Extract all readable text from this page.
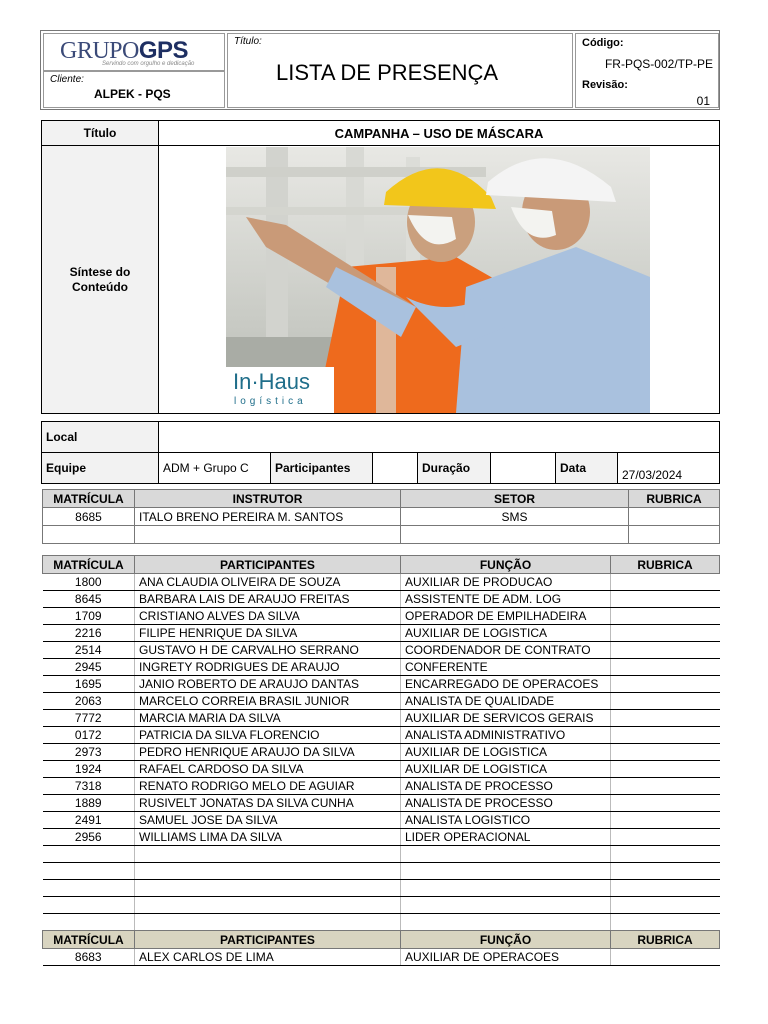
GRUPOGPS
Servindo com orgulho e dedicação
Cliente:
ALPEK - PQS
Título:
LISTA DE PRESENÇA
Código:
FR-PQS-002/TP-PE
Revisão:
01
Título	CAMPANHA – USO DE MÁSCARA
Síntese do Conteúdo	
In·Haus
logística
Local							
Equipe	ADM + Grupo C	Participantes		Duração		Data	27/03/2024
MATRÍCULA	INSTRUTOR	SETOR	RUBRICA
8685	ITALO BRENO PEREIRA M. SANTOS	SMS	

MATRÍCULA	PARTICIPANTES	FUNÇÃO	RUBRICA
1800	ANA CLAUDIA OLIVEIRA DE SOUZA	AUXILIAR DE PRODUCAO	
8645	BARBARA LAIS DE ARAUJO FREITAS	ASSISTENTE DE ADM. LOG	
1709	CRISTIANO ALVES DA SILVA	OPERADOR DE EMPILHADEIRA	
2216	FILIPE HENRIQUE DA SILVA	AUXILIAR DE LOGISTICA	
2514	GUSTAVO H DE CARVALHO SERRANO	COORDENADOR DE CONTRATO	
2945	INGRETY RODRIGUES DE ARAUJO	CONFERENTE	
1695	JANIO ROBERTO DE ARAUJO DANTAS	ENCARREGADO DE OPERACOES	
2063	MARCELO CORREIA BRASIL JUNIOR	ANALISTA DE QUALIDADE	
7772	MARCIA MARIA DA SILVA	AUXILIAR DE SERVICOS GERAIS	
0172	PATRICIA DA SILVA FLORENCIO	ANALISTA ADMINISTRATIVO	
2973	PEDRO HENRIQUE ARAUJO DA SILVA	AUXILIAR DE LOGISTICA	
1924	RAFAEL CARDOSO DA SILVA	AUXILIAR DE LOGISTICA	
7318	RENATO RODRIGO MELO DE AGUIAR	ANALISTA DE PROCESSO	
1889	RUSIVELT JONATAS DA SILVA CUNHA	ANALISTA DE PROCESSO	
2491	SAMUEL JOSE DA SILVA	ANALISTA LOGISTICO	
2956	WILLIAMS LIMA DA SILVA	LIDER OPERACIONAL	

MATRÍCULA	PARTICIPANTES	FUNÇÃO	RUBRICA
8683	ALEX CARLOS DE LIMA	AUXILIAR DE OPERACOES	
